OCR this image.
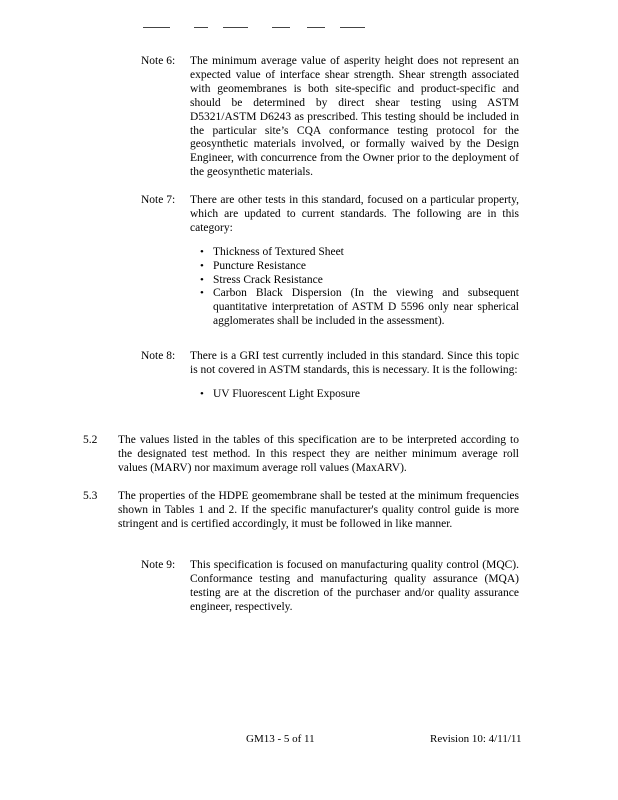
Note 6:	The minimum average value of asperity height does not represent an expected value of interface shear strength. Shear strength associated with geomembranes is both site-specific and product-specific and should be determined by direct shear testing using ASTM D5321/ASTM D6243 as prescribed. This testing should be included in the particular site’s CQA conformance testing protocol for the geosynthetic materials involved, or formally waived by the Design Engineer, with concurrence from the Owner prior to the deployment of the geosynthetic materials.
Note 7:	There are other tests in this standard, focused on a particular property, which are updated to current standards. The following are in this category:
• Thickness of Textured Sheet
• Puncture Resistance
• Stress Crack Resistance
• Carbon Black Dispersion (In the viewing and subsequent quantitative interpretation of ASTM D 5596 only near spherical agglomerates shall be included in the assessment).
Note 8:	There is a GRI test currently included in this standard. Since this topic is not covered in ASTM standards, this is necessary. It is the following:
• UV Fluorescent Light Exposure
5.2	The values listed in the tables of this specification are to be interpreted according to the designated test method. In this respect they are neither minimum average roll values (MARV) nor maximum average roll values (MaxARV).
5.3	The properties of the HDPE geomembrane shall be tested at the minimum frequencies shown in Tables 1 and 2. If the specific manufacturer's quality control guide is more stringent and is certified accordingly, it must be followed in like manner.
Note 9:	This specification is focused on manufacturing quality control (MQC). Conformance testing and manufacturing quality assurance (MQA) testing are at the discretion of the purchaser and/or quality assurance engineer, respectively.
GM13 - 5 of 11	Revision 10: 4/11/11
